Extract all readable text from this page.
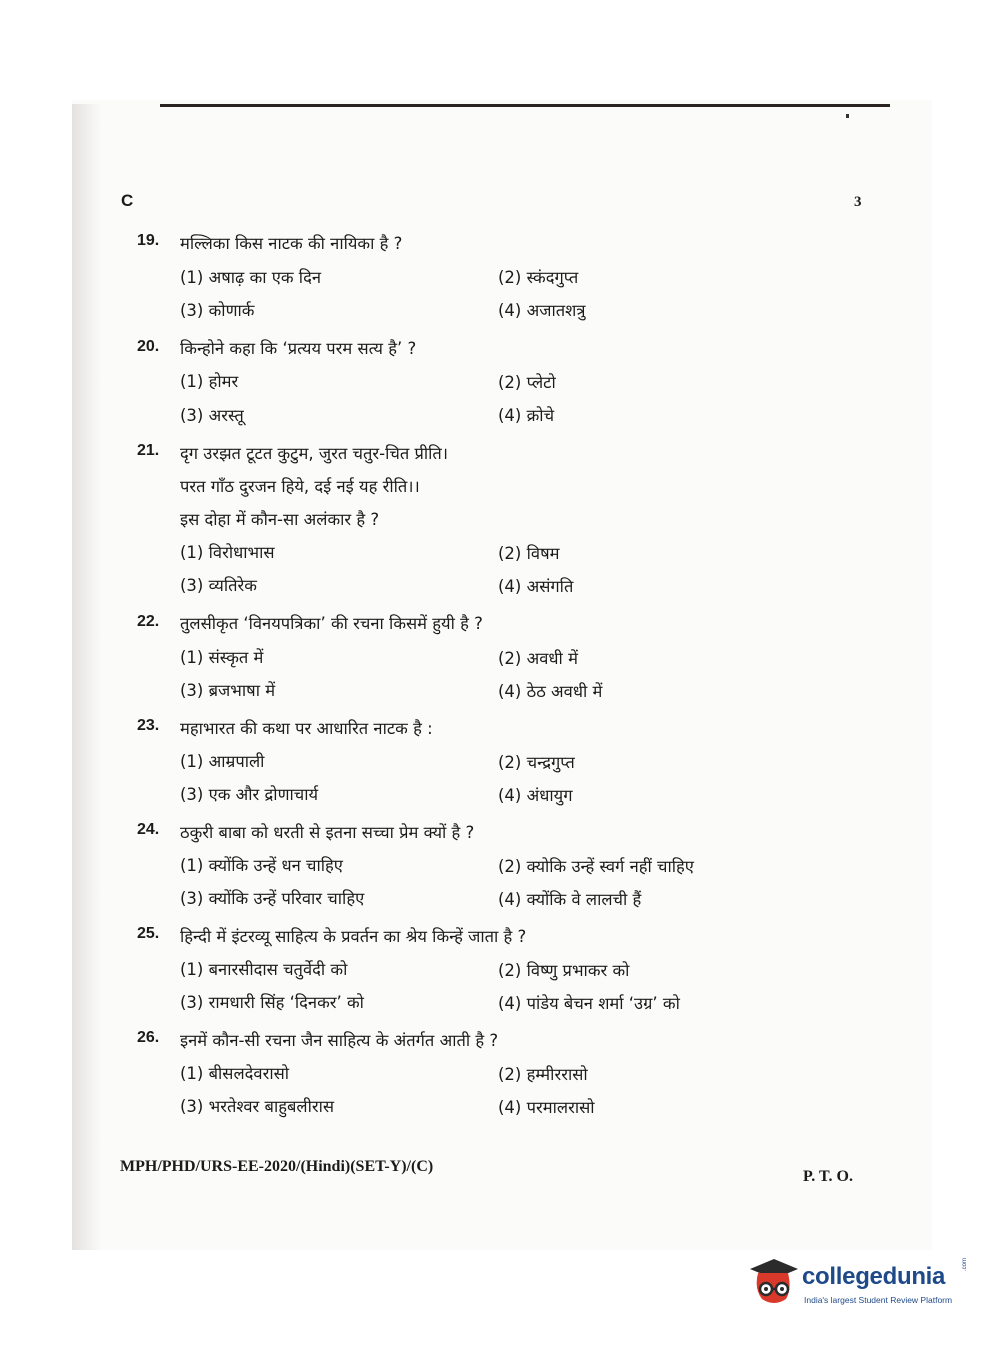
C	3
19. मल्लिका किस नाटक की नायिका है ?
(1) अषाढ़ का एक दिन	(2) स्कंदगुप्त
(3) कोणार्क	(4) अजातशत्रु
20. किन्होने कहा कि ‘प्रत्यय परम सत्य है’ ?
(1) होमर	(2) प्लेटो
(3) अरस्तू	(4) क्रोचे
21. दृग उरझत टूटत कुटुम, जुरत चतुर-चित प्रीति।
परत गाँठ दुरजन हिये, दई नई यह रीति।।
इस दोहा में कौन-सा अलंकार है ?
(1) विरोधाभास	(2) विषम
(3) व्यतिरेक	(4) असंगति
22. तुलसीकृत ‘विनयपत्रिका’ की रचना किसमें हुयी है ?
(1) संस्कृत में	(2) अवधी में
(3) ब्रजभाषा में	(4) ठेठ अवधी में
23. महाभारत की कथा पर आधारित नाटक है :
(1) आम्रपाली	(2) चन्द्रगुप्त
(3) एक और द्रोणाचार्य	(4) अंधायुग
24. ठकुरी बाबा को धरती से इतना सच्चा प्रेम क्यों है ?
(1) क्योंकि उन्हें धन चाहिए	(2) क्योकि उन्हें स्वर्ग नहीं चाहिए
(3) क्योंकि उन्हें परिवार चाहिए	(4) क्योंकि वे लालची हैं
25. हिन्दी में इंटरव्यू साहित्य के प्रवर्तन का श्रेय किन्हें जाता है ?
(1) बनारसीदास चतुर्वेदी को	(2) विष्णु प्रभाकर को
(3) रामधारी सिंह ‘दिनकर’ को	(4) पांडेय बेचन शर्मा ‘उग्र’ को
26. इनमें कौन-सी रचना जैन साहित्य के अंतर्गत आती है ?
(1) बीसलदेवरासो	(2) हम्मीररासो
(3) भरतेश्वर बाहुबलीरास	(4) परमालरासो
MPH/PHD/URS-EE-2020/(Hindi)(SET-Y)/(C)
P. T. O.
collegedunia	.com
India's largest Student Review Platform
